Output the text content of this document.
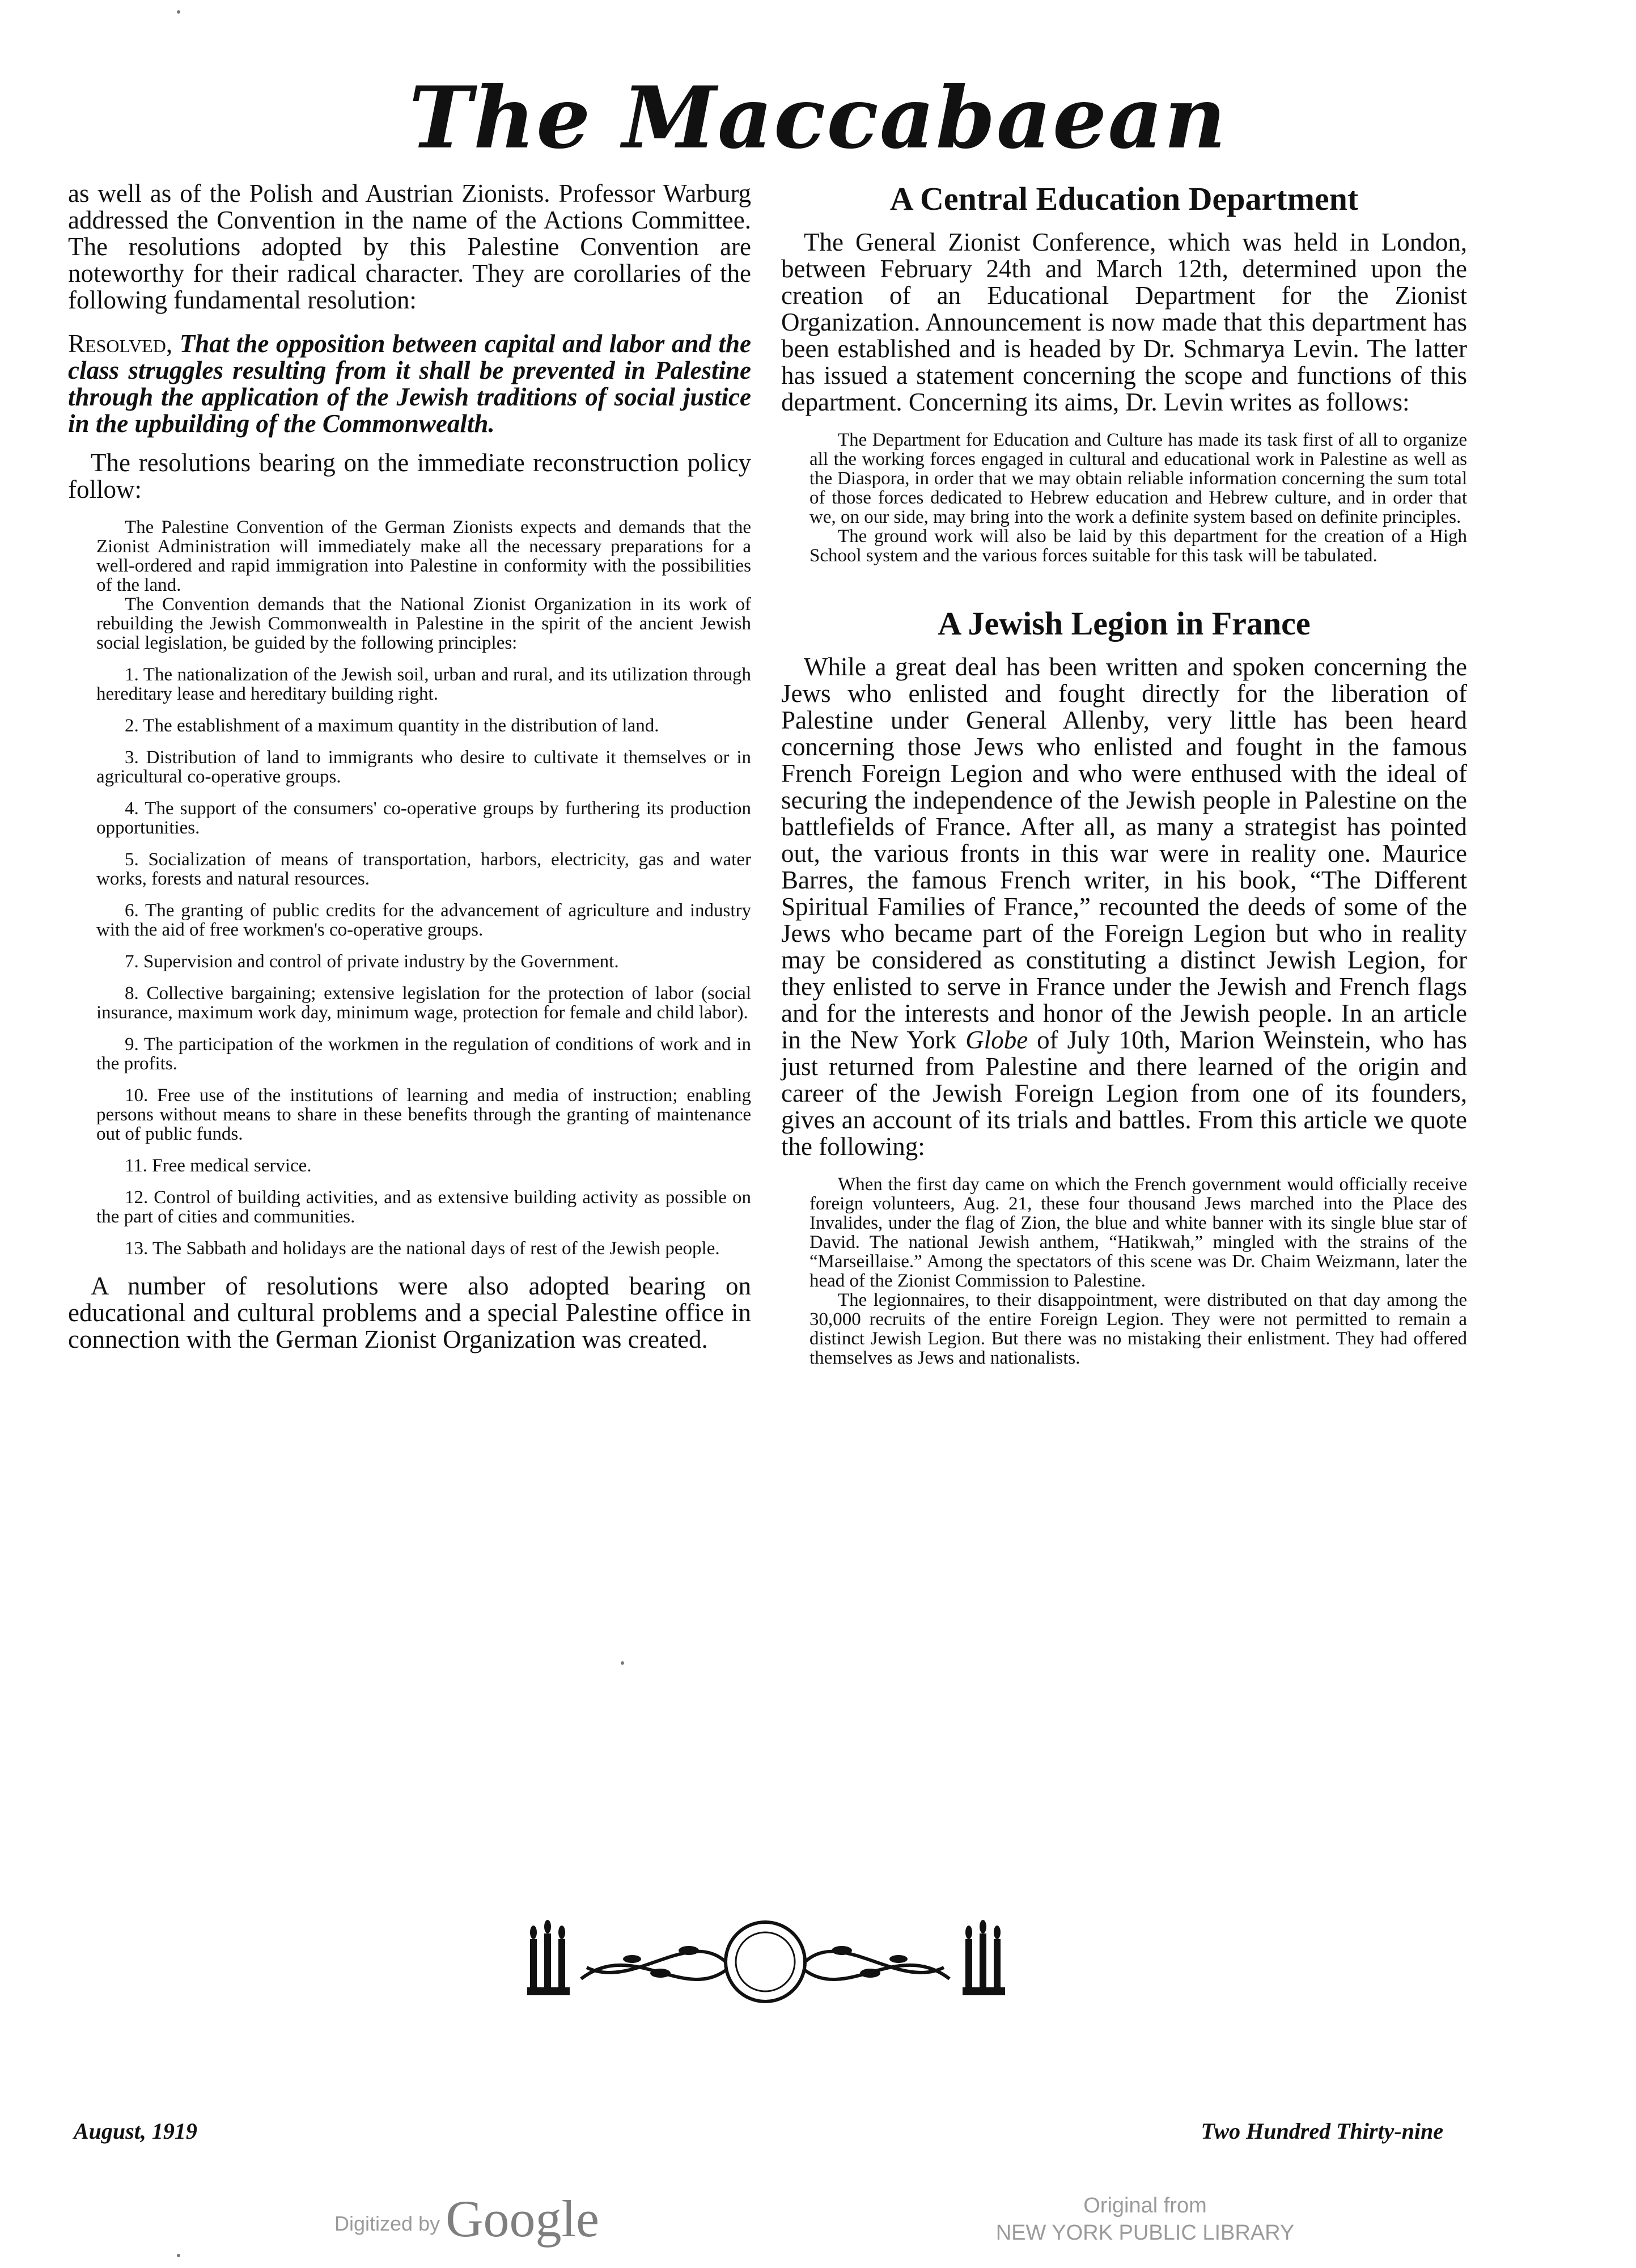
The Maccabaean

as well as of the Polish and Austrian Zionists. Professor Warburg addressed the Convention in the name of the Actions Committee. The resolutions adopted by this Palestine Convention are noteworthy for their radical character. They are corollaries of the following fundamental resolution:

Resolved, That the opposition between capital and labor and the class struggles resulting from it shall be prevented in Palestine through the application of the Jewish traditions of social justice in the upbuilding of the Commonwealth.

The resolutions bearing on the immediate reconstruction policy follow:

The Palestine Convention of the German Zionists expects and demands that the Zionist Administration will immediately make all the necessary preparations for a well-ordered and rapid immigration into Palestine in conformity with the possibilities of the land.

The Convention demands that the National Zionist Organization in its work of rebuilding the Jewish Commonwealth in Palestine in the spirit of the ancient Jewish social legislation, be guided by the following principles:

1. The nationalization of the Jewish soil, urban and rural, and its utilization through hereditary lease and hereditary building right.

2. The establishment of a maximum quantity in the distribution of land.

3. Distribution of land to immigrants who desire to cultivate it themselves or in agricultural co-operative groups.

4. The support of the consumers' co-operative groups by furthering its production opportunities.

5. Socialization of means of transportation, harbors, electricity, gas and water works, forests and natural resources.

6. The granting of public credits for the advancement of agriculture and industry with the aid of free workmen's co-operative groups.

7. Supervision and control of private industry by the Government.

8. Collective bargaining; extensive legislation for the protection of labor (social insurance, maximum work day, minimum wage, protection for female and child labor).

9. The participation of the workmen in the regulation of conditions of work and in the profits.

10. Free use of the institutions of learning and media of instruction; enabling persons without means to share in these benefits through the granting of maintenance out of public funds.

11. Free medical service.

12. Control of building activities, and as extensive building activity as possible on the part of cities and communities.

13. The Sabbath and holidays are the national days of rest of the Jewish people.

A number of resolutions were also adopted bearing on educational and cultural problems and a special Palestine office in connection with the German Zionist Organization was created.

A Central Education Department

The General Zionist Conference, which was held in London, between February 24th and March 12th, determined upon the creation of an Educational Department for the Zionist Organization. Announcement is now made that this department has been established and is headed by Dr. Schmarya Levin. The latter has issued a statement concerning the scope and functions of this department. Concerning its aims, Dr. Levin writes as follows:

The Department for Education and Culture has made its task first of all to organize all the working forces engaged in cultural and educational work in Palestine as well as the Diaspora, in order that we may obtain reliable information concerning the sum total of those forces dedicated to Hebrew education and Hebrew culture, and in order that we, on our side, may bring into the work a definite system based on definite principles.

The ground work will also be laid by this department for the creation of a High School system and the various forces suitable for this task will be tabulated.

A Jewish Legion in France

While a great deal has been written and spoken concerning the Jews who enlisted and fought directly for the liberation of Palestine under General Allenby, very little has been heard concerning those Jews who enlisted and fought in the famous French Foreign Legion and who were enthused with the ideal of securing the independence of the Jewish people in Palestine on the battlefields of France. After all, as many a strategist has pointed out, the various fronts in this war were in reality one. Maurice Barres, the famous French writer, in his book, “The Different Spiritual Families of France,” recounted the deeds of some of the Jews who became part of the Foreign Legion but who in reality may be considered as constituting a distinct Jewish Legion, for they enlisted to serve in France under the Jewish and French flags and for the interests and honor of the Jewish people. In an article in the New York Globe of July 10th, Marion Weinstein, who has just returned from Palestine and there learned of the origin and career of the Jewish Foreign Legion from one of its founders, gives an account of its trials and battles. From this article we quote the following:

When the first day came on which the French government would officially receive foreign volunteers, Aug. 21, these four thousand Jews marched into the Place des Invalides, under the flag of Zion, the blue and white banner with its single blue star of David. The national Jewish anthem, “Hatikwah,” mingled with the strains of the “Marseillaise.” Among the spectators of this scene was Dr. Chaim Weizmann, later the head of the Zionist Commission to Palestine.

The legionnaires, to their disappointment, were distributed on that day among the 30,000 recruits of the entire Foreign Legion. They were not permitted to remain a distinct Jewish Legion. But there was no mistaking their enlistment. They had offered themselves as Jews and nationalists.

August, 1919	Two Hundred Thirty-nine
Digitized by Google	Original from
NEW YORK PUBLIC LIBRARY
